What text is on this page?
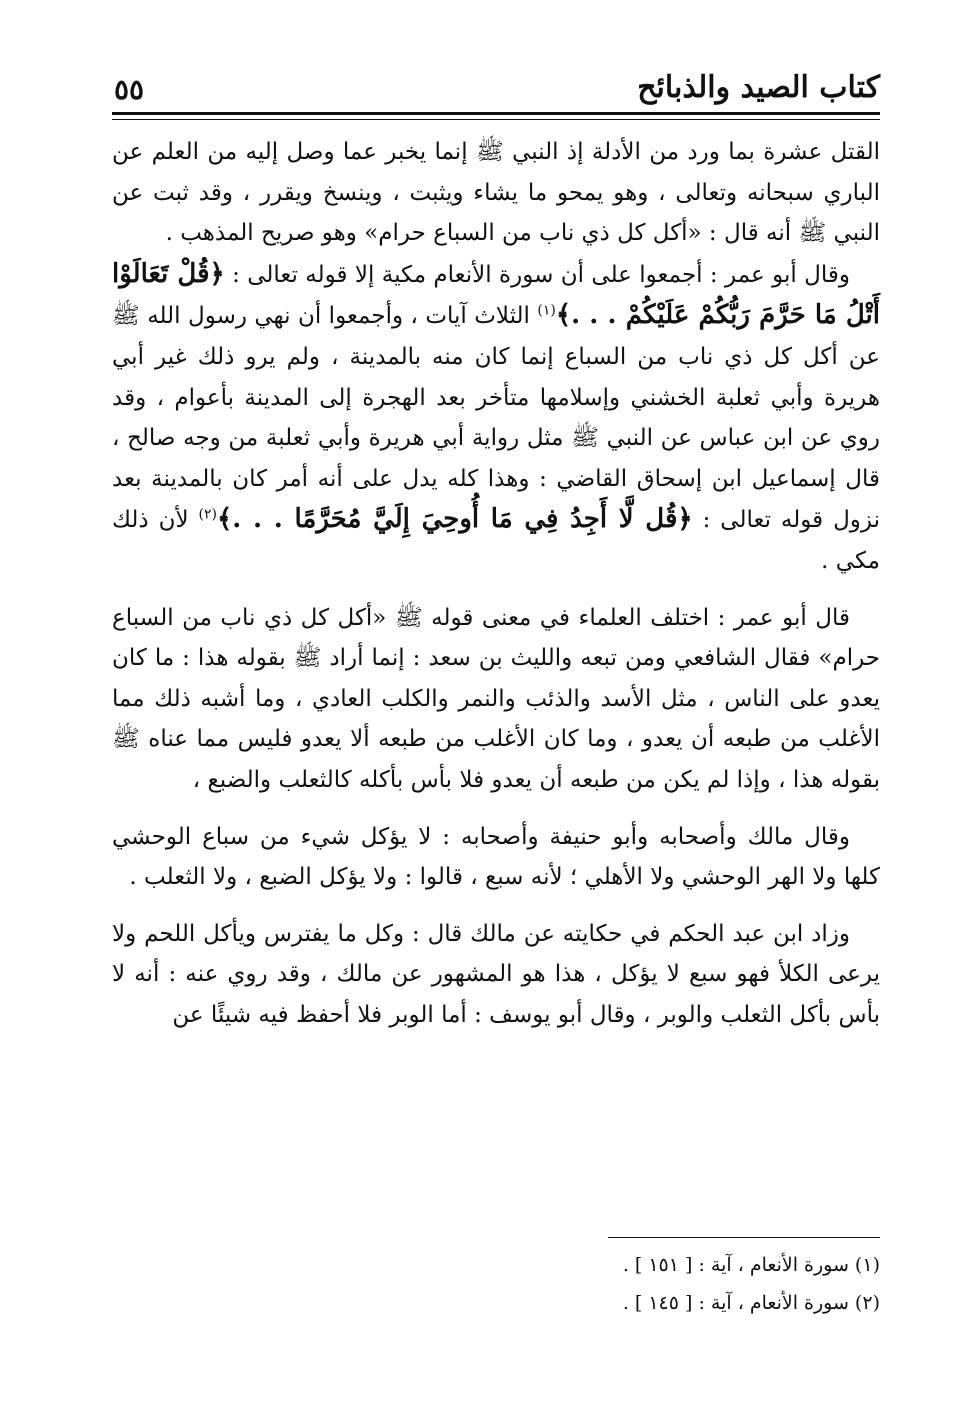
كتاب الصيد والذبائح
٥٥

القتل عشرة بما ورد من الأدلة إذ النبي ﷺ إنما يخبر عما وصل إليه من العلم عن الباري سبحانه وتعالى ، وهو يمحو ما يشاء ويثبت ، وينسخ ويقرر ، وقد ثبت عن النبي ﷺ أنه قال : «أكل كل ذي ناب من السباع حرام» وهو صريح المذهب .

وقال أبو عمر : أجمعوا على أن سورة الأنعام مكية إلا قوله تعالى : ﴿قُلْ تَعَالَوْا أَتْلُ مَا حَرَّمَ رَبُّكُمْ عَلَيْكُمْ . . .﴾$^{(١)}$ الثلاث آيات ، وأجمعوا أن نهي رسول الله ﷺ عن أكل كل ذي ناب من السباع إنما كان منه بالمدينة ، ولم يرو ذلك غير أبي هريرة وأبي ثعلبة الخشني وإسلامها متأخر بعد الهجرة إلى المدينة بأعوام ، وقد روي عن ابن عباس عن النبي ﷺ مثل رواية أبي هريرة وأبي ثعلبة من وجه صالح ، قال إسماعيل ابن إسحاق القاضي : وهذا كله يدل على أنه أمر كان بالمدينة بعد نزول قوله تعالى : ﴿قُل لَّا أَجِدُ فِي مَا أُوحِيَ إِلَيَّ مُحَرَّمًا . . .﴾$^{(٢)}$ لأن ذلك مكي .

قال أبو عمر : اختلف العلماء في معنى قوله ﷺ «أكل كل ذي ناب من السباع حرام» فقال الشافعي ومن تبعه والليث بن سعد : إنما أراد ﷺ بقوله هذا : ما كان يعدو على الناس ، مثل الأسد والذئب والنمر والكلب العادي ، وما أشبه ذلك مما الأغلب من طبعه أن يعدو ، وما كان الأغلب من طبعه ألا يعدو فليس مما عناه ﷺ بقوله هذا ، وإذا لم يكن من طبعه أن يعدو فلا بأس بأكله كالثعلب والضبع ،

وقال مالك وأصحابه وأبو حنيفة وأصحابه : لا يؤكل شيء من سباع الوحشي كلها ولا الهر الوحشي ولا الأهلي ؛ لأنه سبع ، قالوا : ولا يؤكل الضبع ، ولا الثعلب .

وزاد ابن عبد الحكم في حكايته عن مالك قال : وكل ما يفترس ويأكل اللحم ولا يرعى الكلأ فهو سبع لا يؤكل ، هذا هو المشهور عن مالك ، وقد روي عنه : أنه لا بأس بأكل الثعلب والوبر ، وقال أبو يوسف : أما الوبر فلا أحفظ فيه شيئًا عن

(١) سورة الأنعام ، آية : [ ١٥١ ] .

(٢) سورة الأنعام ، آية : [ ١٤٥ ] .
